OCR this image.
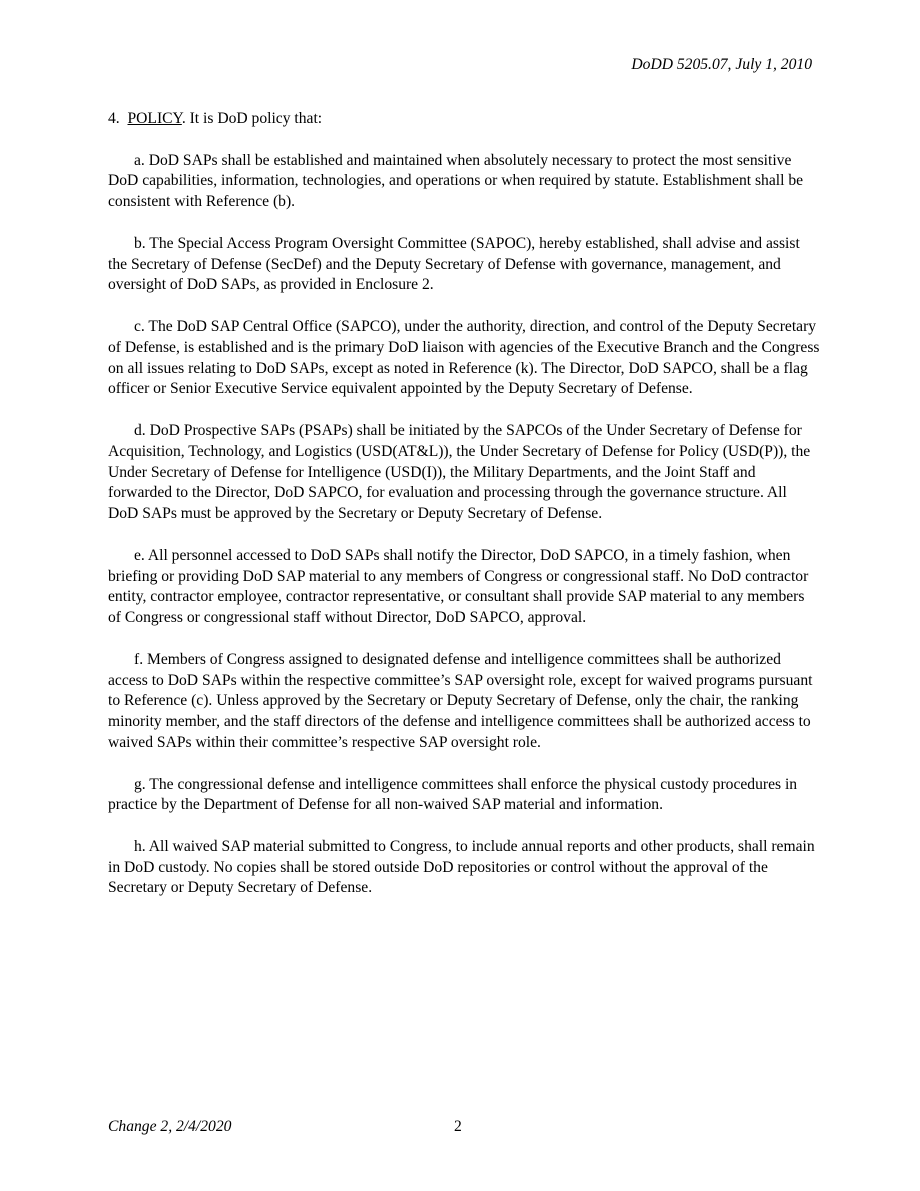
DoDD 5205.07, July 1, 2010
4. POLICY. It is DoD policy that:

a. DoD SAPs shall be established and maintained when absolutely necessary to protect the most sensitive DoD capabilities, information, technologies, and operations or when required by statute. Establishment shall be consistent with Reference (b).

b. The Special Access Program Oversight Committee (SAPOC), hereby established, shall advise and assist the Secretary of Defense (SecDef) and the Deputy Secretary of Defense with governance, management, and oversight of DoD SAPs, as provided in Enclosure 2.

c. The DoD SAP Central Office (SAPCO), under the authority, direction, and control of the Deputy Secretary of Defense, is established and is the primary DoD liaison with agencies of the Executive Branch and the Congress on all issues relating to DoD SAPs, except as noted in Reference (k). The Director, DoD SAPCO, shall be a flag officer or Senior Executive Service equivalent appointed by the Deputy Secretary of Defense.

d. DoD Prospective SAPs (PSAPs) shall be initiated by the SAPCOs of the Under Secretary of Defense for Acquisition, Technology, and Logistics (USD(AT&L)), the Under Secretary of Defense for Policy (USD(P)), the Under Secretary of Defense for Intelligence (USD(I)), the Military Departments, and the Joint Staff and forwarded to the Director, DoD SAPCO, for evaluation and processing through the governance structure. All DoD SAPs must be approved by the Secretary or Deputy Secretary of Defense.

e. All personnel accessed to DoD SAPs shall notify the Director, DoD SAPCO, in a timely fashion, when briefing or providing DoD SAP material to any members of Congress or congressional staff. No DoD contractor entity, contractor employee, contractor representative, or consultant shall provide SAP material to any members of Congress or congressional staff without Director, DoD SAPCO, approval.

f. Members of Congress assigned to designated defense and intelligence committees shall be authorized access to DoD SAPs within the respective committee’s SAP oversight role, except for waived programs pursuant to Reference (c). Unless approved by the Secretary or Deputy Secretary of Defense, only the chair, the ranking minority member, and the staff directors of the defense and intelligence committees shall be authorized access to waived SAPs within their committee’s respective SAP oversight role.

g. The congressional defense and intelligence committees shall enforce the physical custody procedures in practice by the Department of Defense for all non-waived SAP material and information.

h. All waived SAP material submitted to Congress, to include annual reports and other products, shall remain in DoD custody. No copies shall be stored outside DoD repositories or control without the approval of the Secretary or Deputy Secretary of Defense.

Change 2, 2/4/2020	2
